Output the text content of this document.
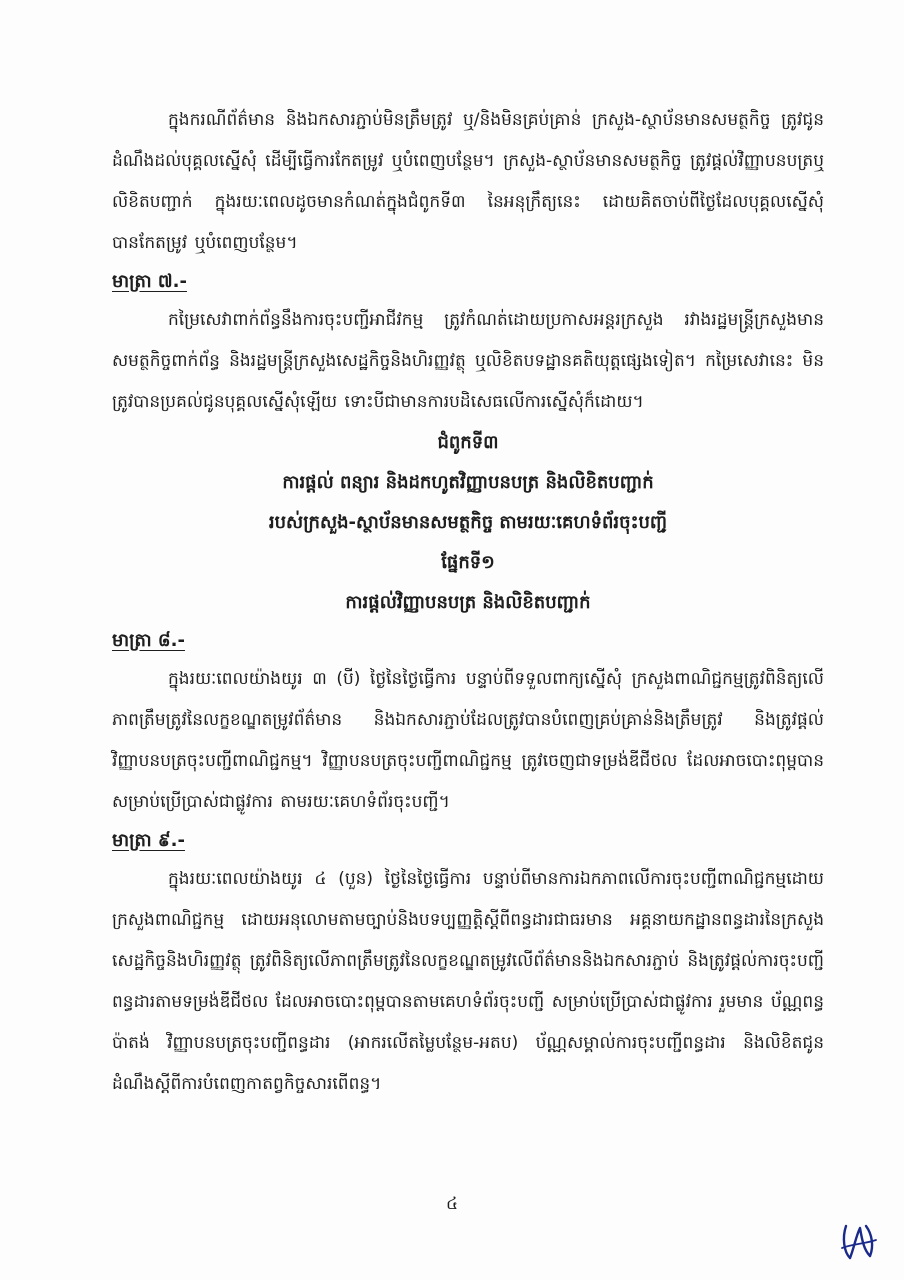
ក្នុងករណីព័ត៌មាន និងឯកសារភ្ជាប់មិនត្រឹមត្រូវ ឬ/និងមិនគ្រប់គ្រាន់ ក្រសួង-ស្ថាប័នមានសមត្ថកិច្ច ត្រូវជូនដំណឹងដល់បុគ្គលស្នើសុំ ដើម្បីធ្វើការកែតម្រូវ ឬបំពេញបន្ថែម។ ក្រសួង-ស្ថាប័នមានសមត្ថកិច្ច ត្រូវផ្ដល់វិញ្ញាបនបត្រឬលិខិតបញ្ជាក់ ក្នុងរយៈពេលដូចមានកំណត់ក្នុងជំពូកទី៣ នៃអនុក្រឹត្យនេះ ដោយគិតចាប់ពីថ្ងៃដែលបុគ្គលស្នើសុំបានកែតម្រូវ ឬបំពេញបន្ថែម។

មាត្រា ៧.-

កម្រៃសេវាពាក់ព័ន្ធនឹងការចុះបញ្ជីអាជីវកម្ម ត្រូវកំណត់ដោយប្រកាសអន្តរក្រសួង រវាងរដ្ឋមន្ត្រីក្រសួងមានសមត្ថកិច្ចពាក់ព័ន្ធ និងរដ្ឋមន្ត្រីក្រសួងសេដ្ឋកិច្ចនិងហិរញ្ញវត្ថុ ឬលិខិតបទដ្ឋានគតិយុត្តផ្សេងទៀត។ កម្រៃសេវានេះ មិនត្រូវបានប្រគល់ជូនបុគ្គលស្នើសុំឡើយ ទោះបីជាមានការបដិសេធលើការស្នើសុំក៏ដោយ។

ជំពូកទី៣

ការផ្ដល់ ពន្យារ និងដកហូតវិញ្ញាបនបត្រ និងលិខិតបញ្ជាក់

របស់ក្រសួង-ស្ថាប័នមានសមត្ថកិច្ច តាមរយៈគេហទំព័រចុះបញ្ជី

ផ្នែកទី១

ការផ្ដល់វិញ្ញាបនបត្រ និងលិខិតបញ្ជាក់

មាត្រា ៨.-

ក្នុងរយៈពេលយ៉ាងយូរ ៣ (បី) ថ្ងៃនៃថ្ងៃធ្វើការ បន្ទាប់ពីទទួលពាក្យស្នើសុំ ក្រសួងពាណិជ្ជកម្មត្រូវពិនិត្យលើភាពត្រឹមត្រូវនៃលក្ខខណ្ឌតម្រូវព័ត៌មាន និងឯកសារភ្ជាប់ដែលត្រូវបានបំពេញគ្រប់គ្រាន់និងត្រឹមត្រូវ និងត្រូវផ្ដល់វិញ្ញាបនបត្រចុះបញ្ជីពាណិជ្ជកម្ម។ វិញ្ញាបនបត្រចុះបញ្ជីពាណិជ្ជកម្ម ត្រូវចេញជាទម្រង់ឌីជីថល ដែលអាចបោះពុម្ពបាន សម្រាប់ប្រើប្រាស់ជាផ្លូវការ តាមរយៈគេហទំព័រចុះបញ្ជី។

មាត្រា ៩.-

ក្នុងរយៈពេលយ៉ាងយូរ ៤ (បួន) ថ្ងៃនៃថ្ងៃធ្វើការ បន្ទាប់ពីមានការឯកភាពលើការចុះបញ្ជីពាណិជ្ជកម្មដោយក្រសួងពាណិជ្ជកម្ម ដោយអនុលោមតាមច្បាប់និងបទប្បញ្ញត្តិស្ដីពីពន្ធដារជាធរមាន អគ្គនាយកដ្ឋានពន្ធដារនៃក្រសួងសេដ្ឋកិច្ចនិងហិរញ្ញវត្ថុ ត្រូវពិនិត្យលើភាពត្រឹមត្រូវនៃលក្ខខណ្ឌតម្រូវលើព័ត៌មាននិងឯកសារភ្ជាប់ និងត្រូវផ្ដល់ការចុះបញ្ជីពន្ធដារតាមទម្រង់ឌីជីថល ដែលអាចបោះពុម្ពបានតាមគេហទំព័រចុះបញ្ជី សម្រាប់ប្រើប្រាស់ជាផ្លូវការ រួមមាន ប័ណ្ណពន្ធប៉ាតង់ វិញ្ញាបនបត្រចុះបញ្ជីពន្ធដារ (អាករលើតម្លៃបន្ថែម-អតប) ប័ណ្ណសម្គាល់ការចុះបញ្ជីពន្ធដារ និងលិខិតជូនដំណឹងស្ដីពីការបំពេញកាតព្វកិច្ចសារពើពន្ធ។

៤
